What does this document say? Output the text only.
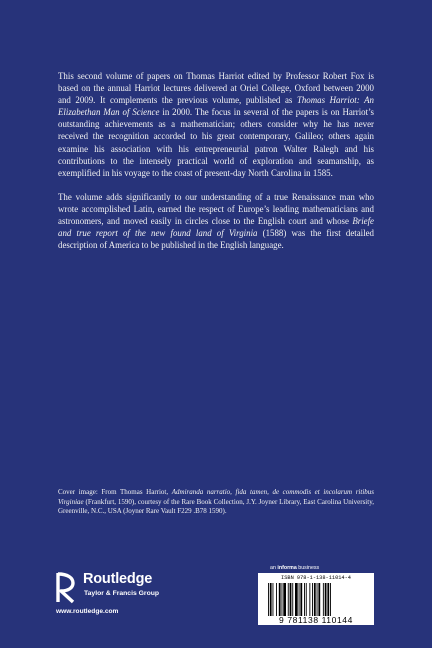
This second volume of papers on Thomas Harriot edited by Professor Robert Fox is based on the annual Harriot lectures delivered at Oriel College, Oxford between 2000 and 2009. It complements the previous volume, published as Thomas Harriot: An Elizabethan Man of Science in 2000. The focus in several of the papers is on Harriot’s outstanding achievements as a mathematician; others consider why he has never received the recognition accorded to his great contemporary, Galileo; others again examine his association with his entrepreneurial patron Walter Ralegh and his contributions to the intensely practical world of exploration and seamanship, as exemplified in his voyage to the coast of present-day North Carolina in 1585.

The volume adds significantly to our understanding of a true Renaissance man who wrote accomplished Latin, earned the respect of Europe’s leading mathematicians and astronomers, and moved easily in circles close to the English court and whose Briefe and true report of the new found land of Virginia (1588) was the first detailed description of America to be published in the English language.

Cover image: From Thomas Harriot, Admiranda narratio, fida tamen, de commodis et incolarum ritibus Virginiae (Frankfurt, 1590), courtesy of the Rare Book Collection, J.Y. Joyner Library, East Carolina University, Greenville, N.C., USA (Joyner Rare Vault F229 .B78 1590).

an informa business
ISBN 978-1-138-11014-4
9 781138 110144
Routledge
Taylor & Francis Group
www.routledge.com
